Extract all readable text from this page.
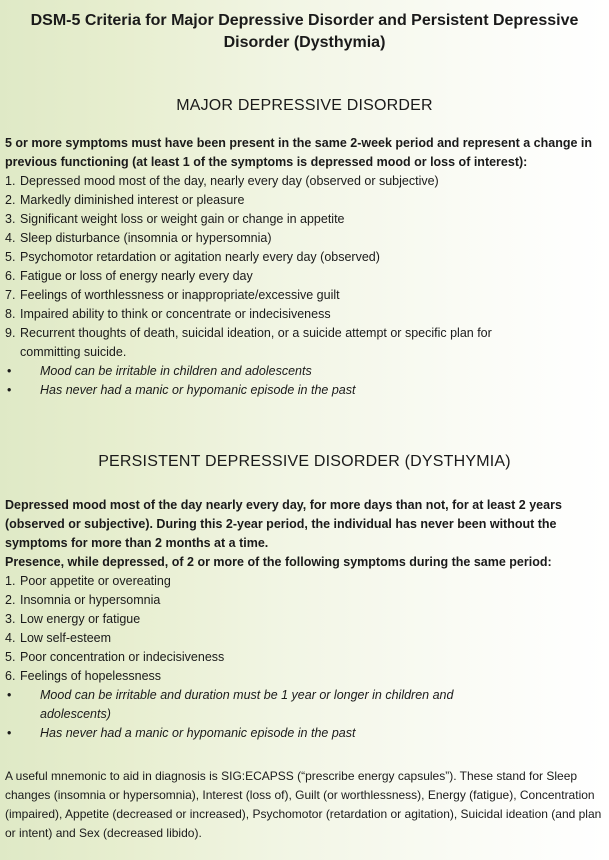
DSM-5 Criteria for Major Depressive Disorder and Persistent Depressive Disorder (Dysthymia)
MAJOR DEPRESSIVE DISORDER
5 or more symptoms must have been present in the same 2-week period and represent a change in previous functioning (at least 1 of the symptoms is depressed mood or loss of interest):
1. Depressed mood most of the day, nearly every day (observed or subjective)
2. Markedly diminished interest or pleasure
3. Significant weight loss or weight gain or change in appetite
4. Sleep disturbance (insomnia or hypersomnia)
5. Psychomotor retardation or agitation nearly every day (observed)
6. Fatigue or loss of energy nearly every day
7. Feelings of worthlessness or inappropriate/excessive guilt
8. Impaired ability to think or concentrate or indecisiveness
9. Recurrent thoughts of death, suicidal ideation, or a suicide attempt or specific plan for committing suicide.
• Mood can be irritable in children and adolescents
• Has never had a manic or hypomanic episode in the past
PERSISTENT DEPRESSIVE DISORDER (DYSTHYMIA)
Depressed mood most of the day nearly every day, for more days than not, for at least 2 years (observed or subjective). During this 2-year period, the individual has never been without the symptoms for more than 2 months at a time.
Presence, while depressed, of 2 or more of the following symptoms during the same period:
1. Poor appetite or overeating
2. Insomnia or hypersomnia
3. Low energy or fatigue
4. Low self-esteem
5. Poor concentration or indecisiveness
6. Feelings of hopelessness
• Mood can be irritable and duration must be 1 year or longer in children and adolescents)
• Has never had a manic or hypomanic episode in the past
A useful mnemonic to aid in diagnosis is SIG:ECAPSS (“prescribe energy capsules”). These stand for Sleep changes (insomnia or hypersomnia), Interest (loss of), Guilt (or worthlessness), Energy (fatigue), Concentration (impaired), Appetite (decreased or increased), Psychomotor (retardation or agitation), Suicidal ideation (and plan or intent) and Sex (decreased libido).
